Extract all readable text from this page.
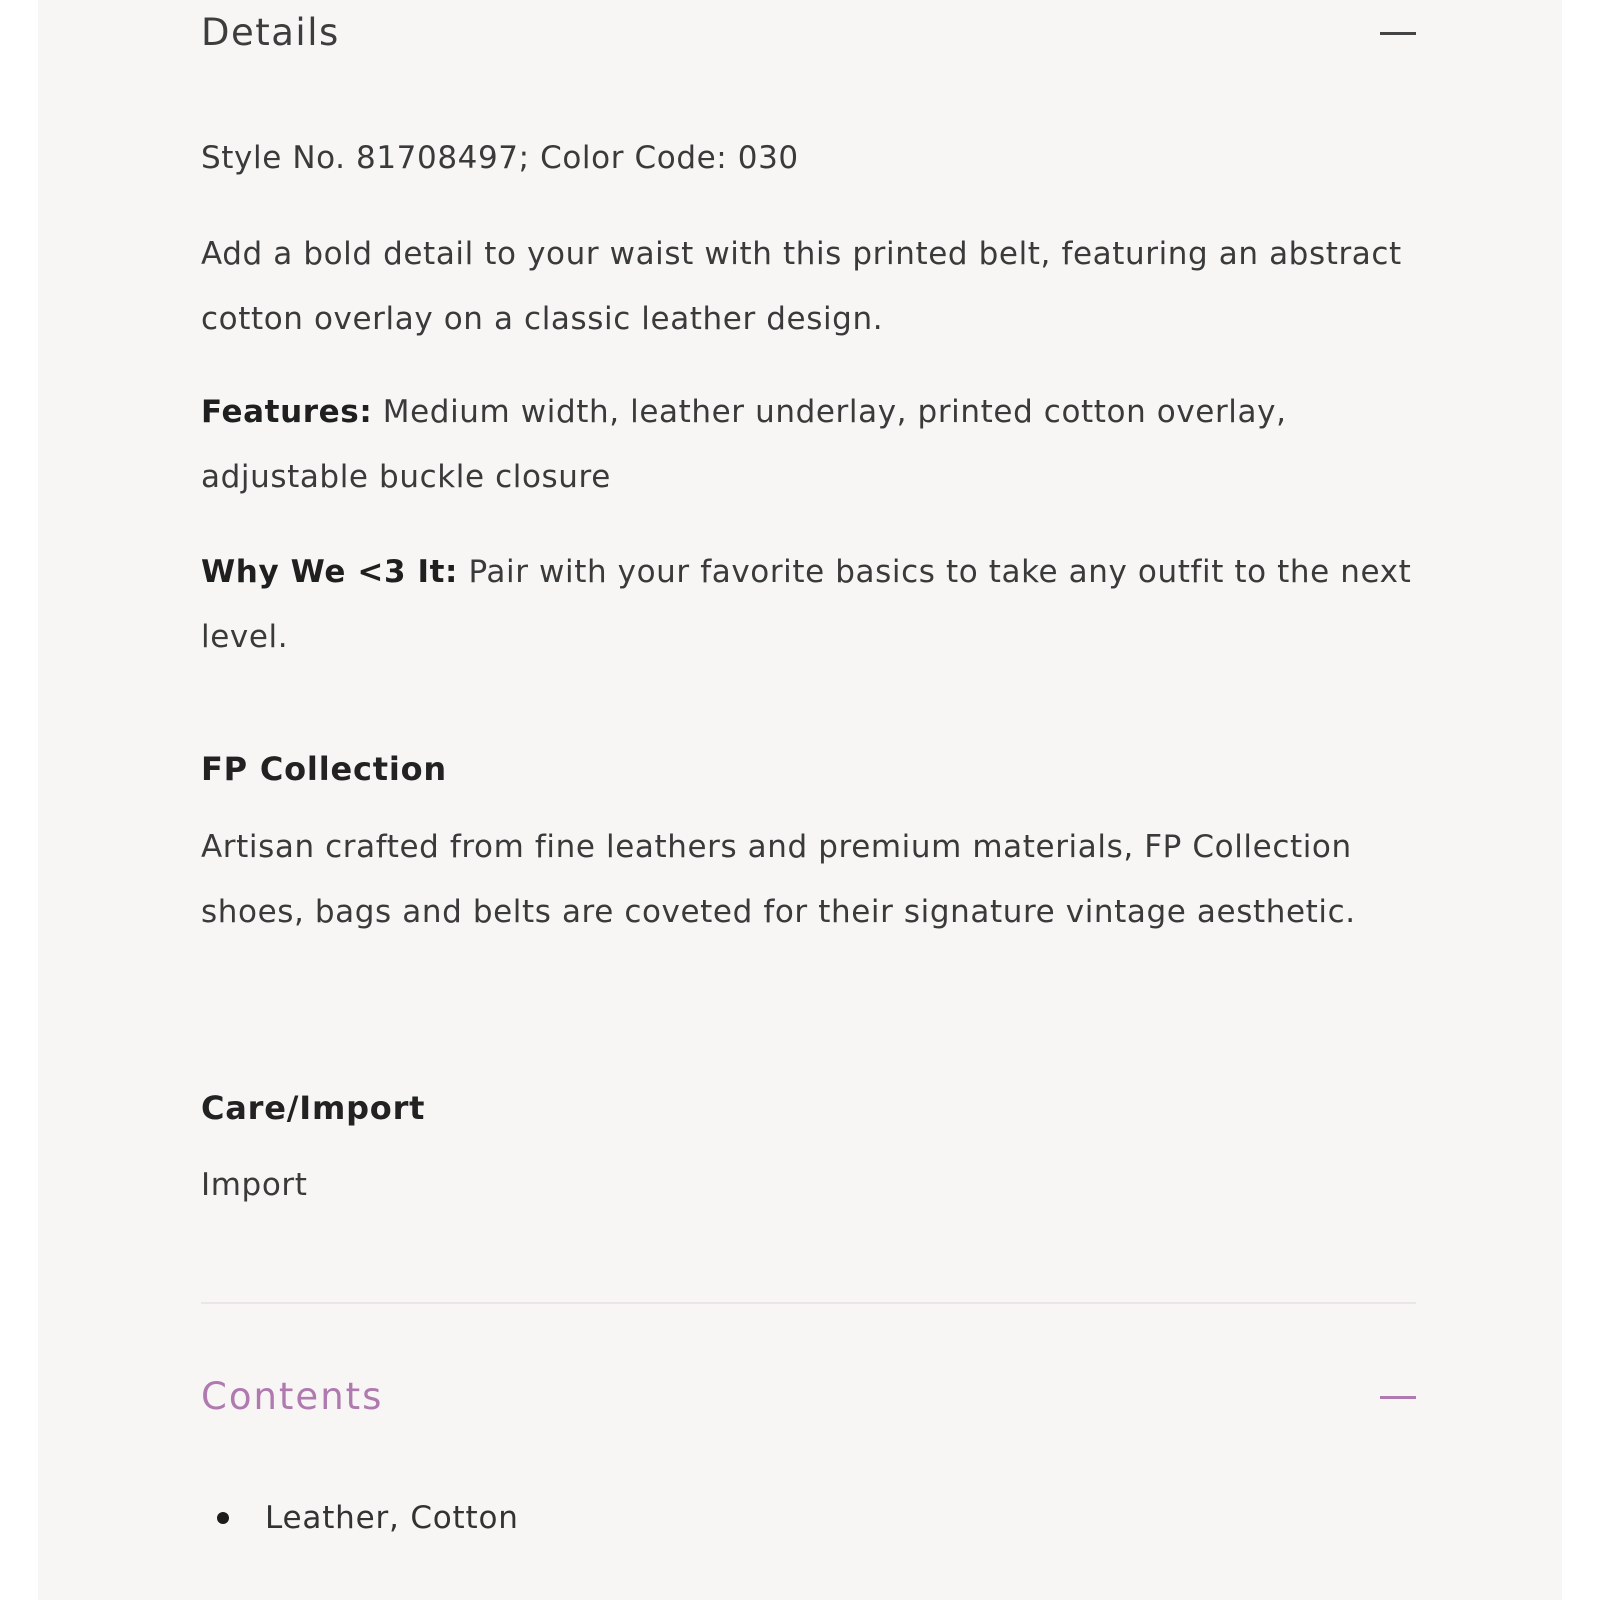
Details
Style No. 81708497; Color Code: 030
Add a bold detail to your waist with this printed belt, featuring an abstract cotton overlay on a classic leather design.
Features: Medium width, leather underlay, printed cotton overlay, adjustable buckle closure
Why We <3 It: Pair with your favorite basics to take any outfit to the next level.
FP Collection
Artisan crafted from fine leathers and premium materials, FP Collection shoes, bags and belts are coveted for their signature vintage aesthetic.
Care/Import
Import
Contents
Leather, Cotton
